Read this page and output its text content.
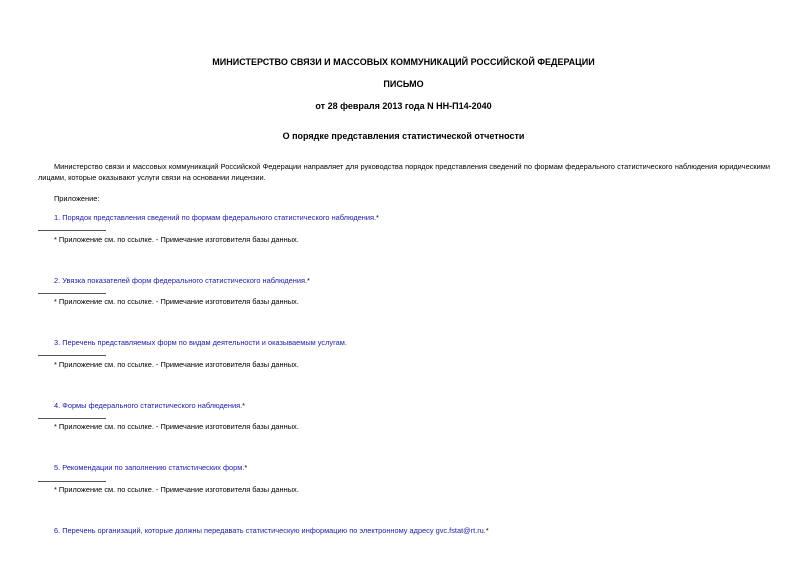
МИНИСТЕРСТВО СВЯЗИ И МАССОВЫХ КОММУНИКАЦИЙ РОССИЙСКОЙ ФЕДЕРАЦИИ
ПИСЬМО
от 28 февраля 2013 года N НН-П14-2040
О порядке представления статистической отчетности
Министерство связи и массовых коммуникаций Российской Федерации направляет для руководства порядок представления сведений по формам федерального статистического наблюдения юридическими лицами, которые оказывают услуги связи на основании лицензии.
Приложение:
1. Порядок представления сведений по формам федерального статистического наблюдения.*
* Приложение см. по ссылке. - Примечание изготовителя базы данных.
2. Увязка показателей форм федерального статистического наблюдения.*
* Приложение см. по ссылке. - Примечание изготовителя базы данных.
3. Перечень представляемых форм по видам деятельности и оказываемым услугам.
* Приложение см. по ссылке. - Примечание изготовителя базы данных.
4. Формы федерального статистического наблюдения.*
* Приложение см. по ссылке. - Примечание изготовителя базы данных.
5. Рекомендации по заполнению статистических форм.*
* Приложение см. по ссылке. - Примечание изготовителя базы данных.
6. Перечень организаций, которые должны передавать статистическую информацию по электронному адресу gvc.fstat@rt.ru.*
